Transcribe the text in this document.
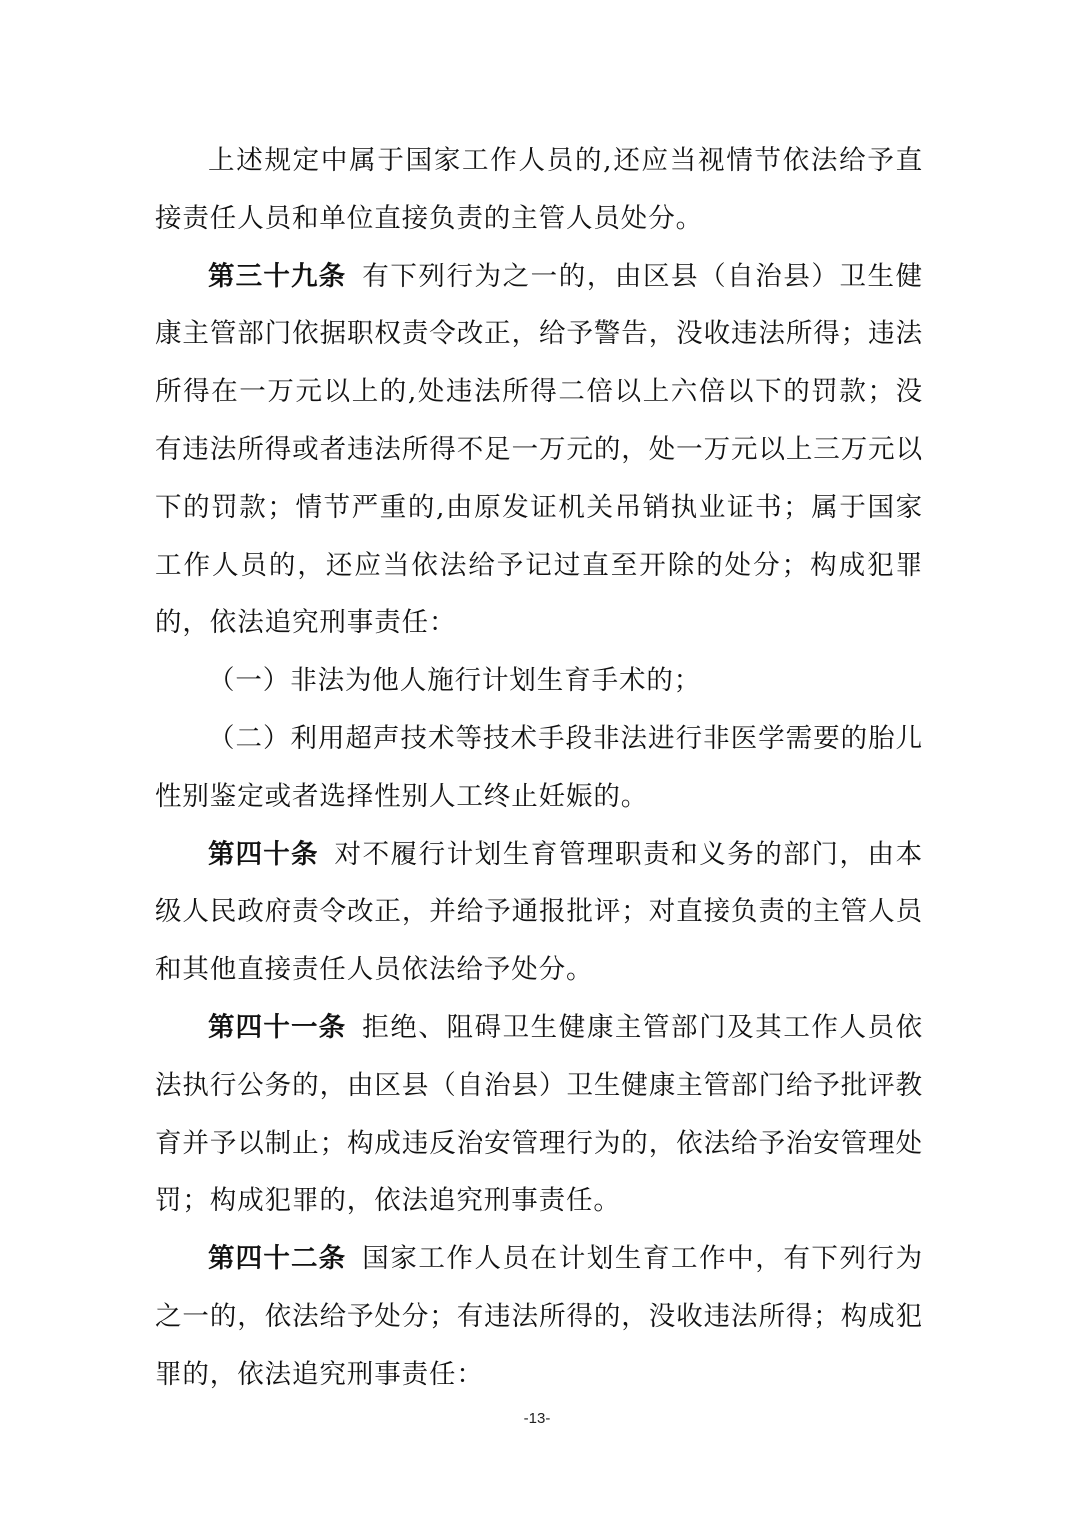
上述规定中属于国家工作人员的,还应当视情节依法给予直接责任人员和单位直接负责的主管人员处分。

第三十九条 有下列行为之一的，由区县（自治县）卫生健康主管部门依据职权责令改正，给予警告，没收违法所得；违法所得在一万元以上的,处违法所得二倍以上六倍以下的罚款；没有违法所得或者违法所得不足一万元的，处一万元以上三万元以下的罚款；情节严重的,由原发证机关吊销执业证书；属于国家工作人员的，还应当依法给予记过直至开除的处分；构成犯罪的，依法追究刑事责任：

（一）非法为他人施行计划生育手术的；

（二）利用超声技术等技术手段非法进行非医学需要的胎儿性别鉴定或者选择性别人工终止妊娠的。

第四十条 对不履行计划生育管理职责和义务的部门，由本级人民政府责令改正，并给予通报批评；对直接负责的主管人员和其他直接责任人员依法给予处分。

第四十一条 拒绝、阻碍卫生健康主管部门及其工作人员依法执行公务的，由区县（自治县）卫生健康主管部门给予批评教育并予以制止；构成违反治安管理行为的，依法给予治安管理处罚；构成犯罪的，依法追究刑事责任。

第四十二条 国家工作人员在计划生育工作中，有下列行为之一的，依法给予处分；有违法所得的，没收违法所得；构成犯罪的，依法追究刑事责任：

-13-
